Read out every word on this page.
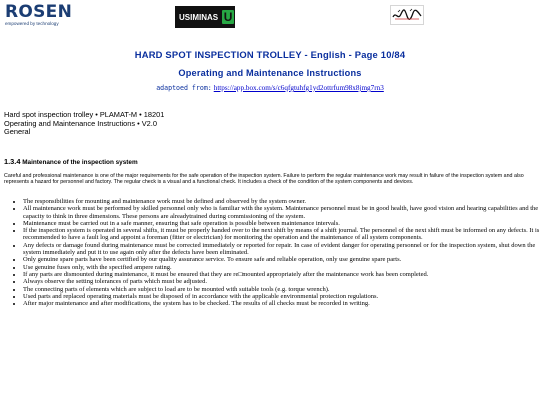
ROSEN
empowered by technology
USIMINAS U
HARD SPOT INSPECTION TROLLEY - English - Page 10/84
Operating and Maintenance Instructions
adaptoed from: https://app.box.com/s/c6qfgtuhfg1yd2ottrfum98x8jmg7rn3
Hard spot inspection trolley • PLAMAT-M • 18201
Operating and Maintenance Instructions • V2.0
General
1.3.4 Maintenance of the inspection system
Careful and professional maintenance is one of the major requirements for the safe operation of the inspection system. Failure to perform the regular maintenance work may result in failure of the inspection system and also represents a hazard for personnel and factory. The regular check is a visual and a functional check. It includes a check of the condition of the system components and devices.
• The responsibilities for mounting and maintenance work must be defined and observed by the system owner.
• All maintenance work must be performed by skilled personnel only who is familiar with the system. Maintenance personnel must be in good health, have good vision and hearing capabilities and the capacity to think in three dimensions. These persons are alreadytrained during commissioning of the system.
• Maintenance must be carried out in a safe manner, ensuring that safe operation is possible between maintenance intervals.
• If the inspection system is operated in several shifts, it must be properly handed over to the next shift by means of a shift journal. The personnel of the next shift must be informed on any defects. It is recommended to have a fault log and appoint a foreman (fitter or electrician) for monitoring the operation and the maintenance of all system components.
• Any defects or damage found during maintenance must be corrected immediately or reported for repair. In case of evident danger for operating personnel or for the inspection system, shut down the system immediately and put it to use again only after the defects have been eliminated.
• Only genuine spare parts have been certified by our quality assurance service. To ensure safe and reliable operation, only use genuine spare parts.
• Use genuine fuses only, with the specified ampere rating.
• If any parts are dismounted during maintenance, it must be ensured that they are re□mounted appropriately after the maintenance work has been completed.
• Always observe the setting tolerances of parts which must be adjusted.
• The connecting parts of elements which are subject to load are to be mounted with suitable tools (e.g. torque wrench).
• Used parts and replaced operating materials must be disposed of in accordance with the applicable environmental protection regulations.
• After major maintenance and after modifications, the system has to be checked. The results of all checks must be recorded in writing.
